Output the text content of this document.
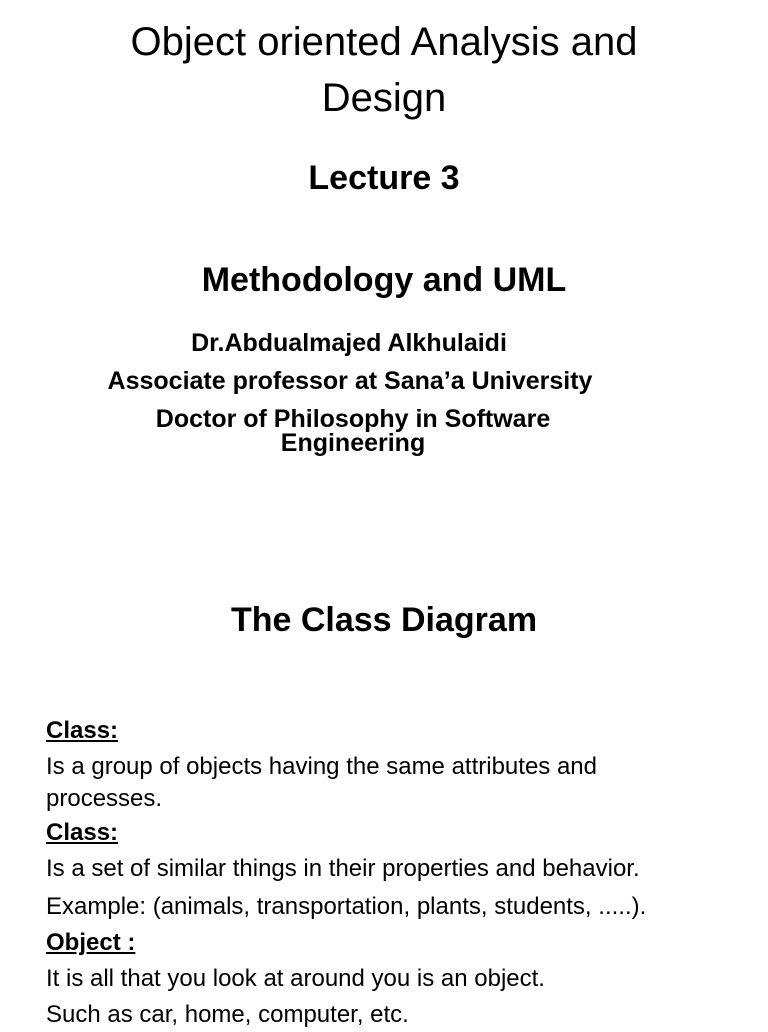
Object oriented Analysis and Design
Lecture 3
Methodology and UML
Dr.Abdualmajed Alkhulaidi
Associate professor at Sana’a University
Doctor of Philosophy in Software
Engineering
The Class Diagram
Class:

Is a group of objects having the same attributes and

processes.

Class:

Is a set of similar things in their properties and behavior.

Example: (animals, transportation, plants, students, .....).

Object :

It is all that you look at around you is an object.

Such as car, home, computer, etc.
